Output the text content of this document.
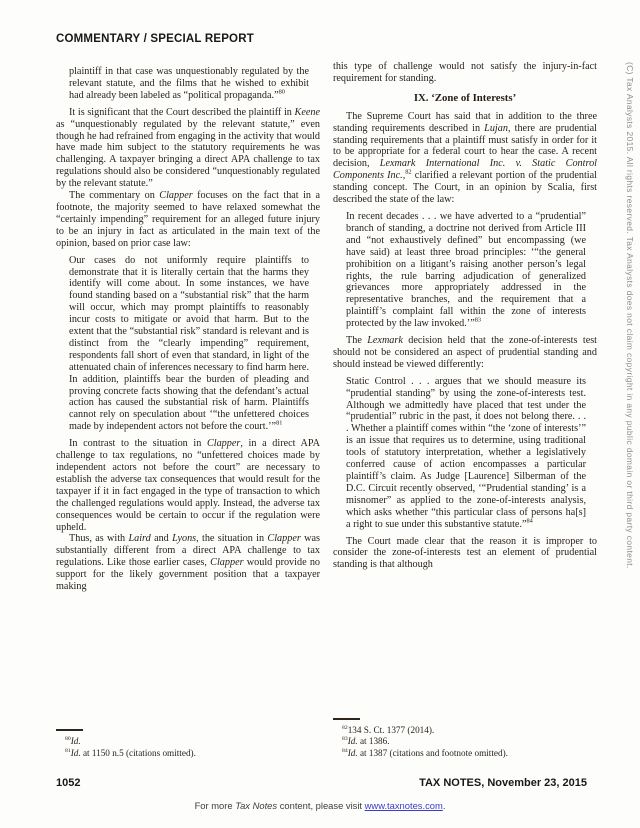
COMMENTARY / SPECIAL REPORT

plaintiff in that case was unquestionably regulated by the relevant statute, and the films that he wished to exhibit had already been labeled as “political propaganda.”$^{80}$

It is significant that the Court described the plaintiff in Keene as “unquestionably regulated by the relevant statute,” even though he had refrained from engaging in the activity that would have made him subject to the statutory requirements he was challenging. A taxpayer bringing a direct APA challenge to tax regulations should also be considered “unquestionably regulated by the relevant statute.”

The commentary on Clapper focuses on the fact that in a footnote, the majority seemed to have relaxed somewhat the “certainly impending” requirement for an alleged future injury to be an injury in fact as articulated in the main text of the opinion, based on prior case law:

Our cases do not uniformly require plaintiffs to demonstrate that it is literally certain that the harms they identify will come about. In some instances, we have found standing based on a “substantial risk” that the harm will occur, which may prompt plaintiffs to reasonably incur costs to mitigate or avoid that harm. But to the extent that the “substantial risk” standard is relevant and is distinct from the “clearly impending” requirement, respondents fall short of even that standard, in light of the attenuated chain of inferences necessary to find harm here. In addition, plaintiffs bear the burden of pleading and proving concrete facts showing that the defendant’s actual action has caused the substantial risk of harm. Plaintiffs cannot rely on speculation about ‘“the unfettered choices made by independent actors not before the court.’”$^{81}$

In contrast to the situation in Clapper, in a direct APA challenge to tax regulations, no “unfettered choices made by independent actors not before the court” are necessary to establish the adverse tax consequences that would result for the taxpayer if it in fact engaged in the type of transaction to which the challenged regulations would apply. Instead, the adverse tax consequences would be certain to occur if the regulation were upheld.

Thus, as with Laird and Lyons, the situation in Clapper was substantially different from a direct APA challenge to tax regulations. Like those earlier cases, Clapper would provide no support for the likely government position that a taxpayer making

$^{80}$Id.

$^{81}$Id. at 1150 n.5 (citations omitted).

this type of challenge would not satisfy the injury-in-fact requirement for standing.

IX. ‘Zone of Interests’

The Supreme Court has said that in addition to the three standing requirements described in Lujan, there are prudential standing requirements that a plaintiff must satisfy in order for it to be appropriate for a federal court to hear the case. A recent decision, Lexmark International Inc. v. Static Control Components Inc.,$^{82}$ clarified a relevant portion of the prudential standing concept. The Court, in an opinion by Scalia, first described the state of the law:

In recent decades . . . we have adverted to a “prudential” branch of standing, a doctrine not derived from Article III and “not exhaustively defined” but encompassing (we have said) at least three broad principles: ‘“the general prohibition on a litigant’s raising another person’s legal rights, the rule barring adjudication of generalized grievances more appropriately addressed in the representative branches, and the requirement that a plaintiff’s complaint fall within the zone of interests protected by the law invoked.’”$^{83}$

The Lexmark decision held that the zone-of-interests test should not be considered an aspect of prudential standing and should instead be viewed differently:

Static Control . . . argues that we should measure its “prudential standing” by using the zone-of-interests test. Although we admittedly have placed that test under the “prudential” rubric in the past, it does not belong there. . . . Whether a plaintiff comes within “the ‘zone of interests’” is an issue that requires us to determine, using traditional tools of statutory interpretation, whether a legislatively conferred cause of action encompasses a particular plaintiff’s claim. As Judge [Laurence] Silberman of the D.C. Circuit recently observed, ‘“Prudential standing’ is a misnomer” as applied to the zone-of-interests analysis, which asks whether “this particular class of persons ha[s] a right to sue under this substantive statute.”$^{84}$

The Court made clear that the reason it is improper to consider the zone-of-interests test an element of prudential standing is that although

$^{82}$134 S. Ct. 1377 (2014).

$^{83}$Id. at 1386.

$^{84}$Id. at 1387 (citations and footnote omitted).

(C) Tax Analysts 2015. All rights reserved. Tax Analysts does not claim copyright in any public domain or third party content.
1052	TAX NOTES, November 23, 2015
For more Tax Notes content, please visit www.taxnotes.com.
